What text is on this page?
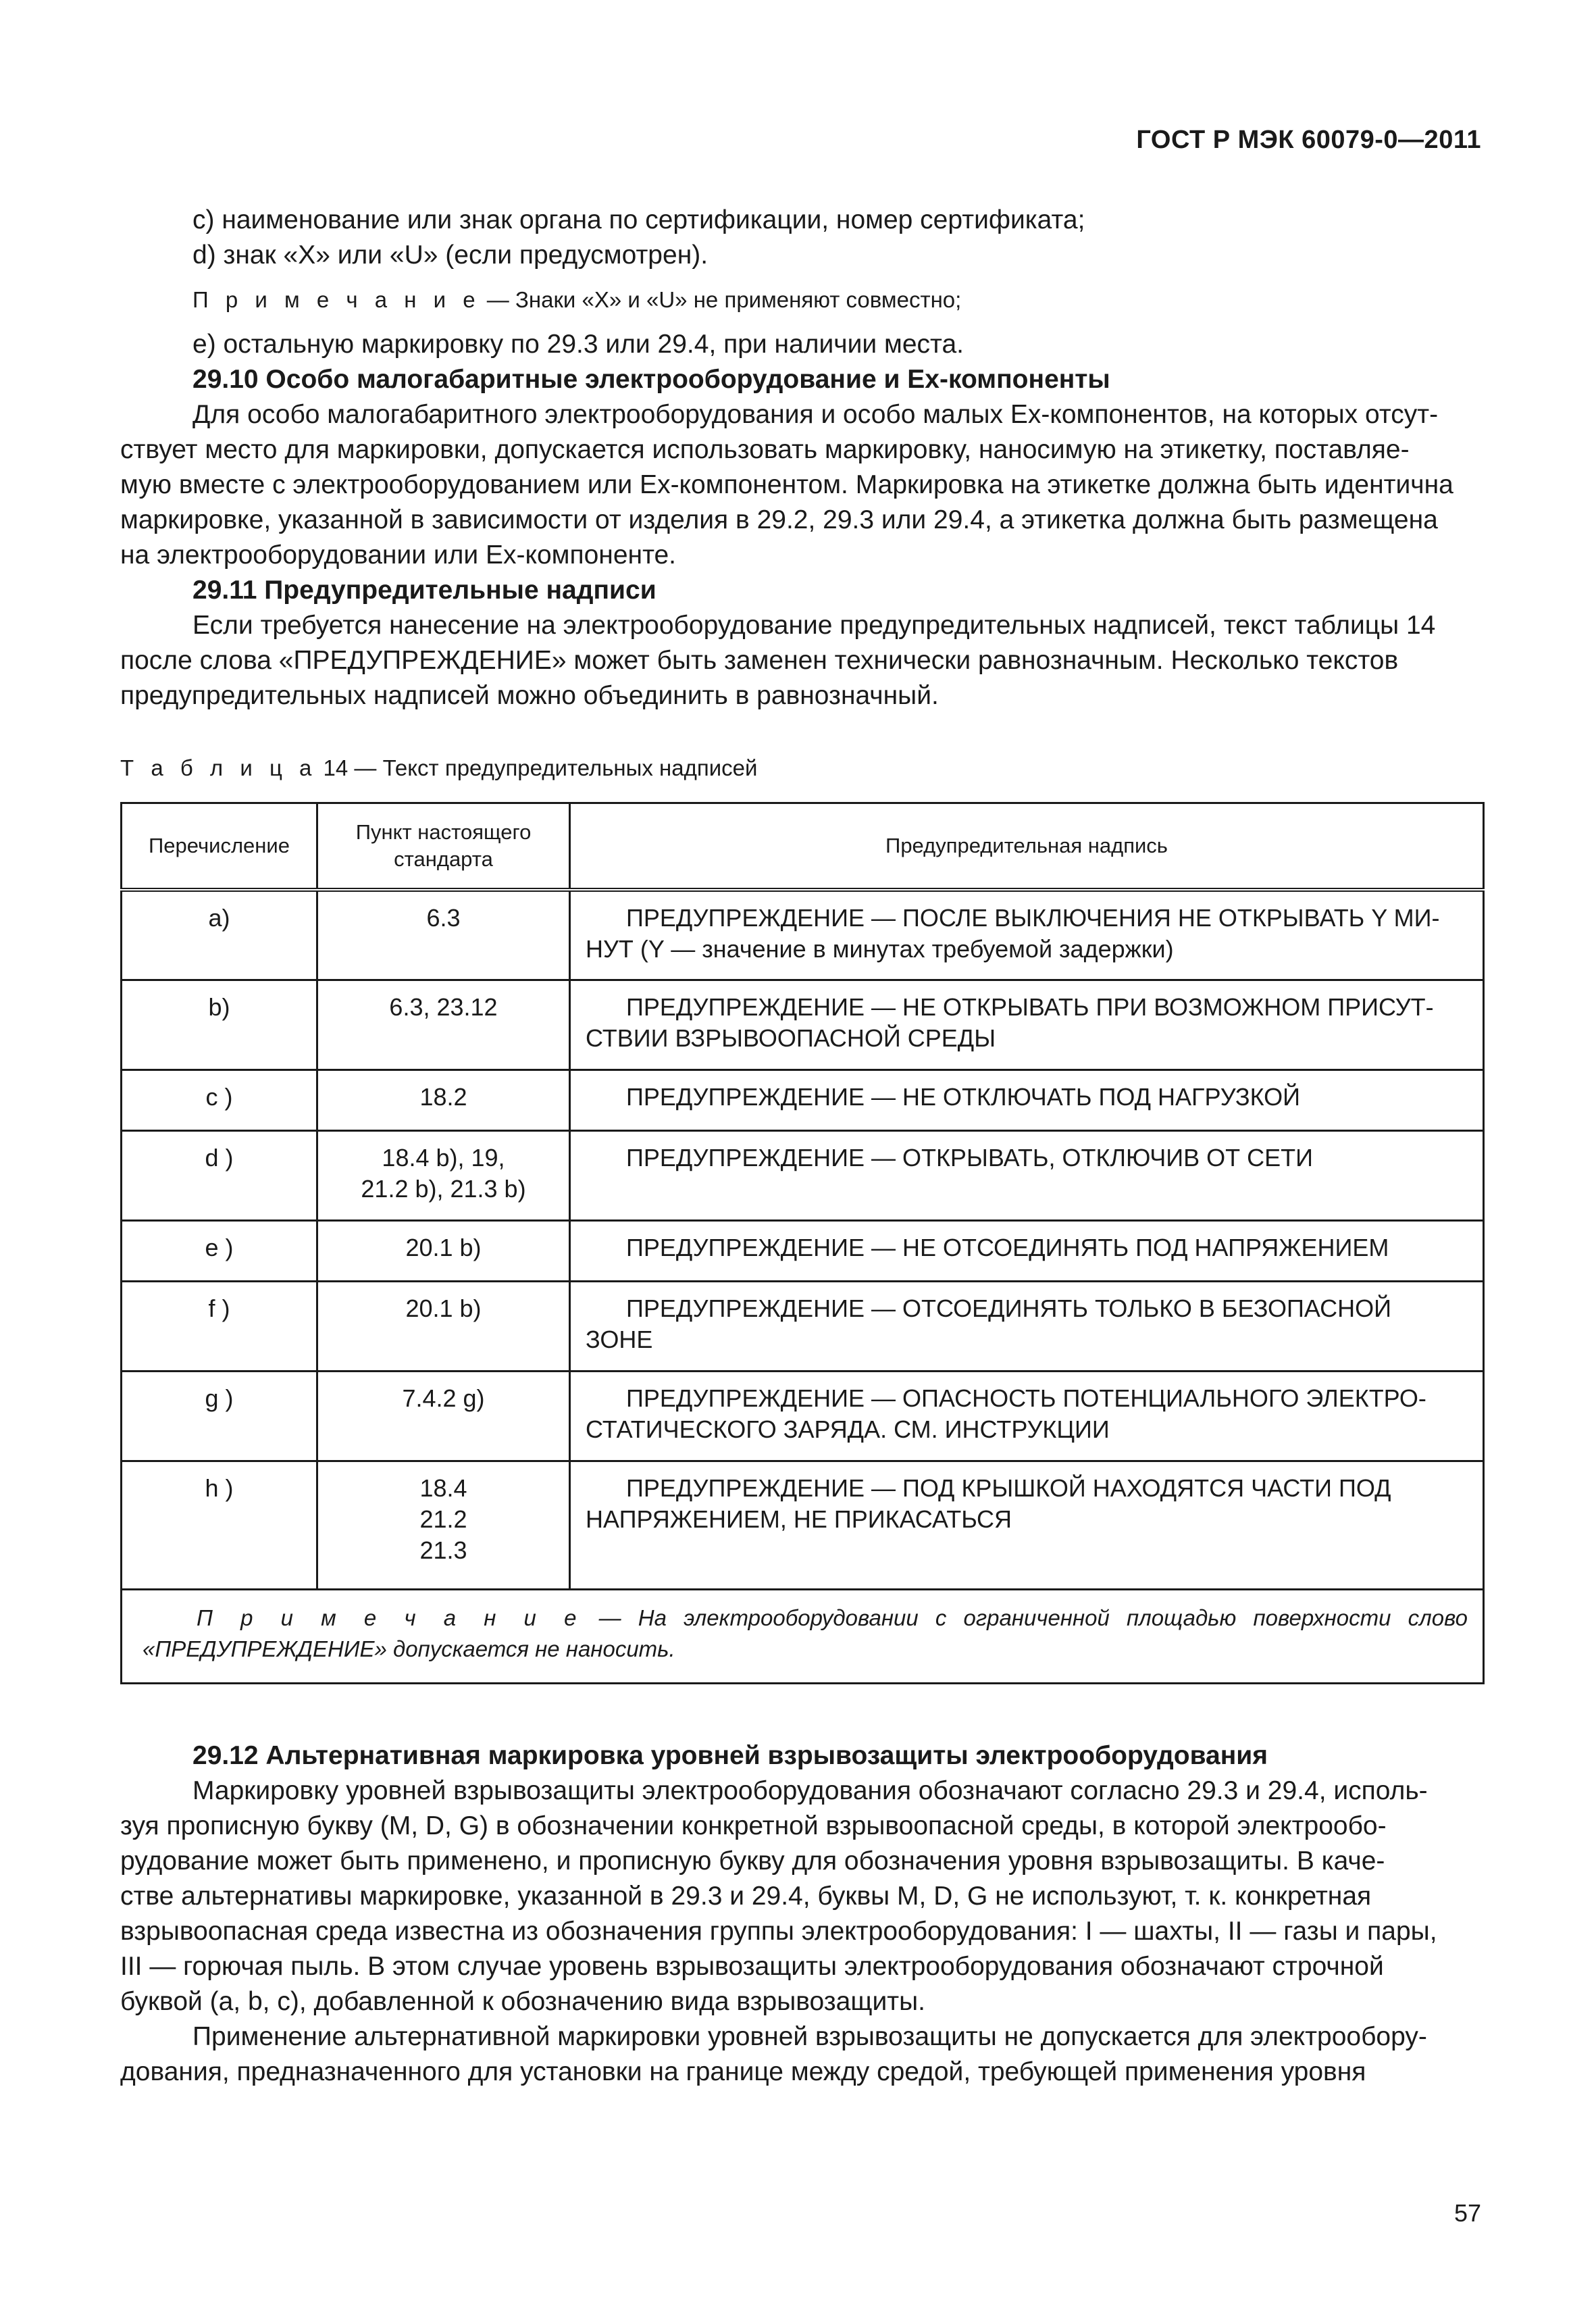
ГОСТ Р МЭК 60079-0—2011
с) наименование или знак органа по сертификации, номер сертификата;
d) знак «X» или «U» (если предусмотрен).
П р и м е ч а н и е — Знаки «X» и «U» не применяют совместно;
е) остальную маркировку по 29.3 или 29.4, при наличии места.
29.10 Особо малогабаритные электрооборудование и Ex-компоненты
Для особо малогабаритного электрооборудования и особо малых Ex-компонентов, на которых отсут-
ствует место для маркировки, допускается использовать маркировку, наносимую на этикетку, поставляе-
мую вместе с электрооборудованием или Ex-компонентом. Маркировка на этикетке должна быть идентична
маркировке, указанной в зависимости от изделия в 29.2, 29.3 или 29.4, а этикетка должна быть размещена
на электрооборудовании или Ex-компоненте.
29.11 Предупредительные надписи
Если требуется нанесение на электрооборудование предупредительных надписей, текст таблицы 14
после слова «ПРЕДУПРЕЖДЕНИЕ» может быть заменен технически равнозначным. Несколько текстов
предупредительных надписей можно объединить в равнозначный.
Т а б л и ц а 14 — Текст предупредительных надписей
Перечисление	Пункт настоящего стандарта	Предупредительная надпись
а)	6.3	ПРЕДУПРЕЖДЕНИЕ — ПОСЛЕ ВЫКЛЮЧЕНИЯ НЕ ОТКРЫВАТЬ Y МИ-
НУТ (Y — значение в минутах требуемой задержки)

b)	6.3, 23.12	ПРЕДУПРЕЖДЕНИЕ — НЕ ОТКРЫВАТЬ ПРИ ВОЗМОЖНОМ ПРИСУТ-
СТВИИ ВЗРЫВООПАСНОЙ СРЕДЫ

с )	18.2	ПРЕДУПРЕЖДЕНИЕ — НЕ ОТКЛЮЧАТЬ ПОД НАГРУЗКОЙ

d )	18.4 b), 19,
21.2 b), 21.3 b)	ПРЕДУПРЕЖДЕНИЕ — ОТКРЫВАТЬ, ОТКЛЮЧИВ ОТ СЕТИ

е )	20.1 b)	ПРЕДУПРЕЖДЕНИЕ — НЕ ОТСОЕДИНЯТЬ ПОД НАПРЯЖЕНИЕМ

f )	20.1 b)	ПРЕДУПРЕЖДЕНИЕ — ОТСОЕДИНЯТЬ ТОЛЬКО В БЕЗОПАСНОЙ
ЗОНЕ

g )	7.4.2 g)	ПРЕДУПРЕЖДЕНИЕ — ОПАСНОСТЬ ПОТЕНЦИАЛЬНОГО ЭЛЕКТРО-
СТАТИЧЕСКОГО ЗАРЯДА. СМ. ИНСТРУКЦИИ

h )	18.4
21.2
21.3	ПРЕДУПРЕЖДЕНИЕ — ПОД КРЫШКОЙ НАХОДЯТСЯ ЧАСТИ ПОД
НАПРЯЖЕНИЕМ, НЕ ПРИКАСАТЬСЯ

П р и м е ч а н и е — На электрооборудовании с ограниченной площадью поверхности слово «ПРЕДУПРЕЖДЕНИЕ» допускается не наносить.		
29.12 Альтернативная маркировка уровней взрывозащиты электрооборудования
Маркировку уровней взрывозащиты электрооборудования обозначают согласно 29.3 и 29.4, исполь-
зуя прописную букву (M, D, G) в обозначении конкретной взрывоопасной среды, в которой электрообо-
рудование может быть применено, и прописную букву для обозначения уровня взрывозащиты. В каче-
стве альтернативы маркировке, указанной в 29.3 и 29.4, буквы M, D, G не используют, т. к. конкретная
взрывоопасная среда известна из обозначения группы электрооборудования: I — шахты, II — газы и пары,
III — горючая пыль. В этом случае уровень взрывозащиты электрооборудования обозначают строчной
буквой (а, b, с), добавленной к обозначению вида взрывозащиты.
Применение альтернативной маркировки уровней взрывозащиты не допускается для электрообору-
дования, предназначенного для установки на границе между средой, требующей применения уровня
57
